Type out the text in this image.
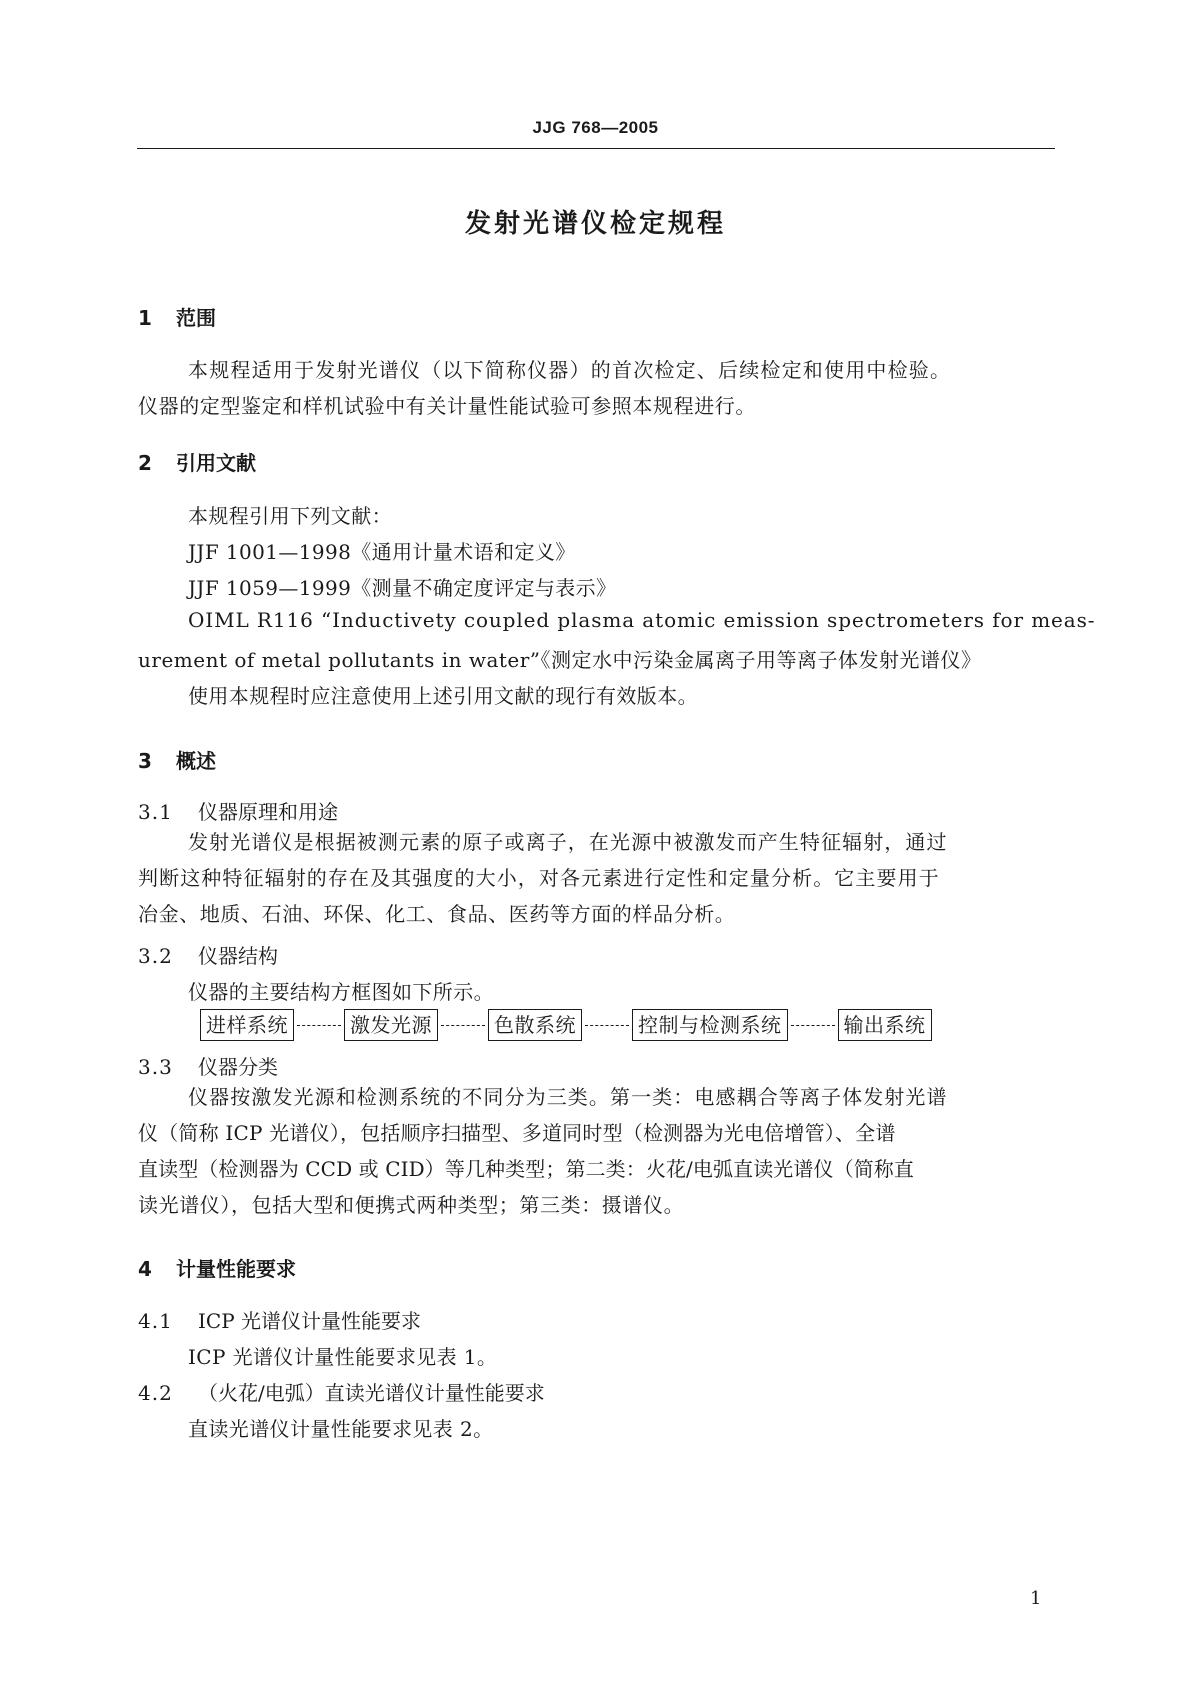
JJG 768—2005
发射光谱仪检定规程
1 范围
本规程适用于发射光谱仪（以下简称仪器）的首次检定、后续检定和使用中检验。
仪器的定型鉴定和样机试验中有关计量性能试验可参照本规程进行。
2 引用文献
本规程引用下列文献：
JJF 1001—1998《通用计量术语和定义》
JJF 1059—1999《测量不确定度评定与表示》
OIML R116 “Inductivety coupled plasma atomic emission spectrometers for meas-
urement of metal pollutants in water”《测定水中污染金属离子用等离子体发射光谱仪》
使用本规程时应注意使用上述引用文献的现行有效版本。
3 概述
3.1 仪器原理和用途
发射光谱仪是根据被测元素的原子或离子，在光源中被激发而产生特征辐射，通过
判断这种特征辐射的存在及其强度的大小，对各元素进行定性和定量分析。它主要用于
冶金、地质、石油、环保、化工、食品、医药等方面的样品分析。
3.2 仪器结构
仪器的主要结构方框图如下所示。
进样系统	激发光源	色散系统	控制与检测系统	输出系统
3.3 仪器分类
仪器按激发光源和检测系统的不同分为三类。第一类：电感耦合等离子体发射光谱
仪（简称 ICP 光谱仪），包括顺序扫描型、多道同时型（检测器为光电倍增管）、全谱
直读型（检测器为 CCD 或 CID）等几种类型；第二类：火花/电弧直读光谱仪（简称直
读光谱仪），包括大型和便携式两种类型；第三类：摄谱仪。
4 计量性能要求
4.1 ICP 光谱仪计量性能要求
ICP 光谱仪计量性能要求见表 1。
4.2 （火花/电弧）直读光谱仪计量性能要求
直读光谱仪计量性能要求见表 2。
1
